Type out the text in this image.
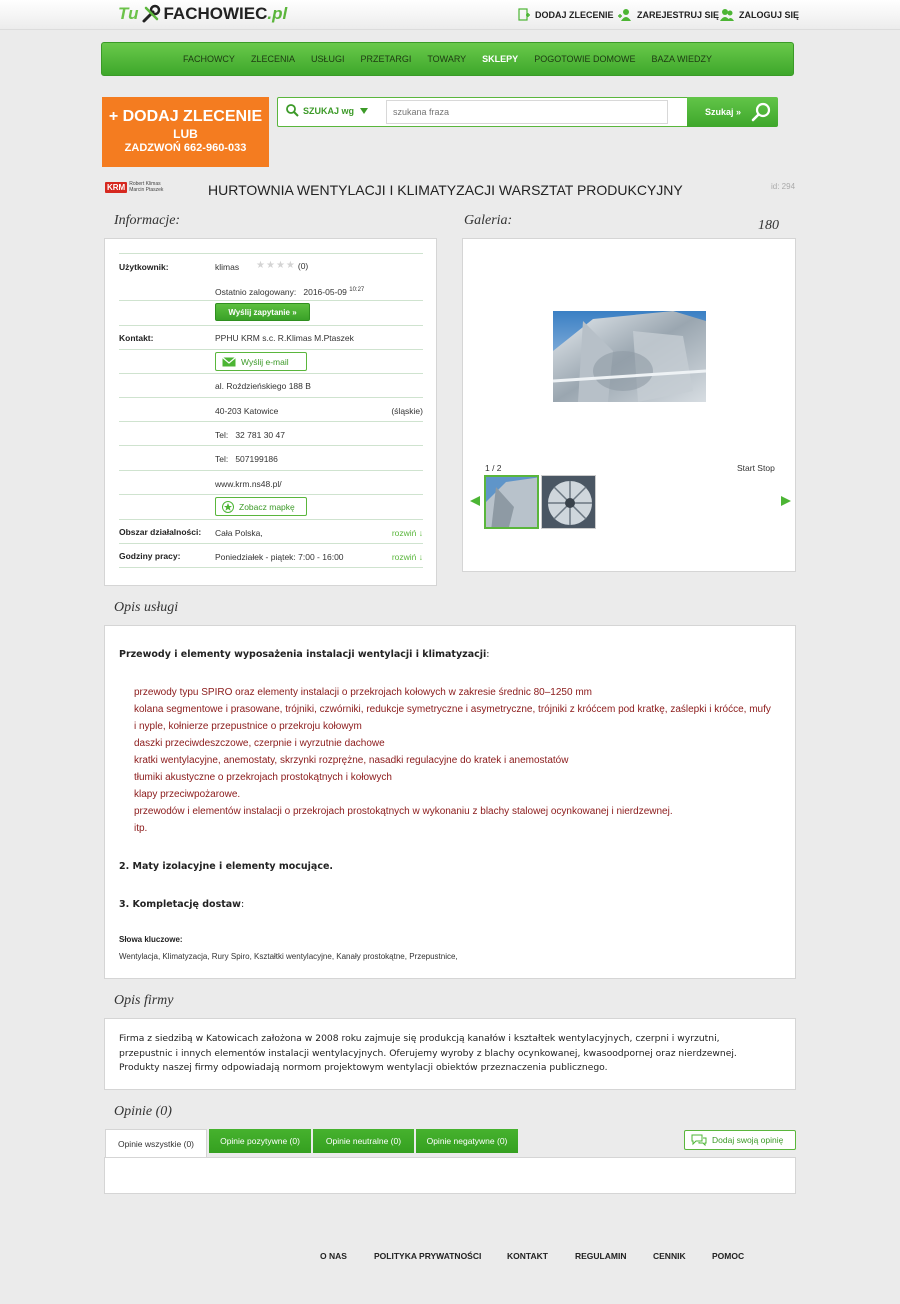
Tu FACHOWIEC .pl	DODAJ ZLECENIE	ZAREJESTRUJ SIĘ ZALOGUJ SIĘ
FACHOWCY ZLECENIA USŁUGI PRZETARGI TOWARY SKLEPY POGOTOWIE DOMOWE BAZA WIEDZY
+ DODAJ ZLECENIE
LUB
ZADZWOŃ 662-960-033
SZUKAJ wg
szukana fraza	Szukaj »
KRM Robert Klimas
Marcin Ptaszek	HURTOWNIA WENTYLACJI I KLIMATYZACJI WARSZTAT PRODUKCYJNY	id: 294
Informacje:
Użytkownik:	klimas ★ ★ ★ ★ (0)
Ostatnio zalogowany: 2016-05-09 $^{10:27}$
Wyślij zapytanie »
Kontakt:	PPHU KRM s.c. R.Klimas M.Ptaszek
Wyślij e-mail
al. Roździeńskiego 188 B
40-203 Katowice	(śląskie)
Tel: 32 781 30 47
Tel: 507199186
www.krm.ns48.pl/
Zobacz mapkę
Obszar działalności: Cała Polska,	rozwiń ↓
Godziny pracy:	Poniedziałek - piątek: 7:00 - 16:00	rozwiń ↓
Galeria:	180
1 / 2	Start Stop
Opis usługi
Przewody i elementy wyposażenia instalacji wentylacji i klimatyzacji:
przewody typu SPIRO oraz elementy instalacji o przekrojach kołowych w zakresie średnic 80–1250 mm
kolana segmentowe i prasowane, trójniki, czwórniki, redukcje symetryczne i asymetryczne, trójniki z króćcem pod kratkę, zaślepki i króćce, mufy i nyple, kołnierze przepustnice o przekroju kołowym
daszki przeciwdeszczowe, czerpnie i wyrzutnie dachowe
kratki wentylacyjne, anemostaty, skrzynki rozprężne, nasadki regulacyjne do kratek i anemostatów
tłumiki akustyczne o przekrojach prostokątnych i kołowych
klapy przeciwpożarowe.
przewodów i elementów instalacji o przekrojach prostokątnych w wykonaniu z blachy stalowej ocynkowanej i nierdzewnej.
itp.
2. Maty izolacyjne i elementy mocujące.
3. Kompletację dostaw:
Słowa kluczowe:
Wentylacja, Klimatyzacja, Rury Spiro, Kształtki wentylacyjne, Kanały prostokątne, Przepustnice,
Opis firmy
Firma z siedzibą w Katowicach założona w 2008 roku zajmuje się produkcją kanałów i kształtek wentylacyjnych, czerpni i wyrzutni, przepustnic i innych elementów instalacji wentylacyjnych. Oferujemy wyroby z blachy ocynkowanej, kwasoodpornej oraz nierdzewnej. Produkty naszej firmy odpowiadają normom projektowym wentylacji obiektów przeznaczenia publicznego.
Opinie (0)
Opinie wszystkie (0)	Opinie pozytywne (0)	Opinie neutralne (0)	Opinie negatywne (0)	Dodaj swoją opinię
O NAS	POLITYKA PRYWATNOŚCI	KONTAKT	REGULAMIN	CENNIK	POMOC
